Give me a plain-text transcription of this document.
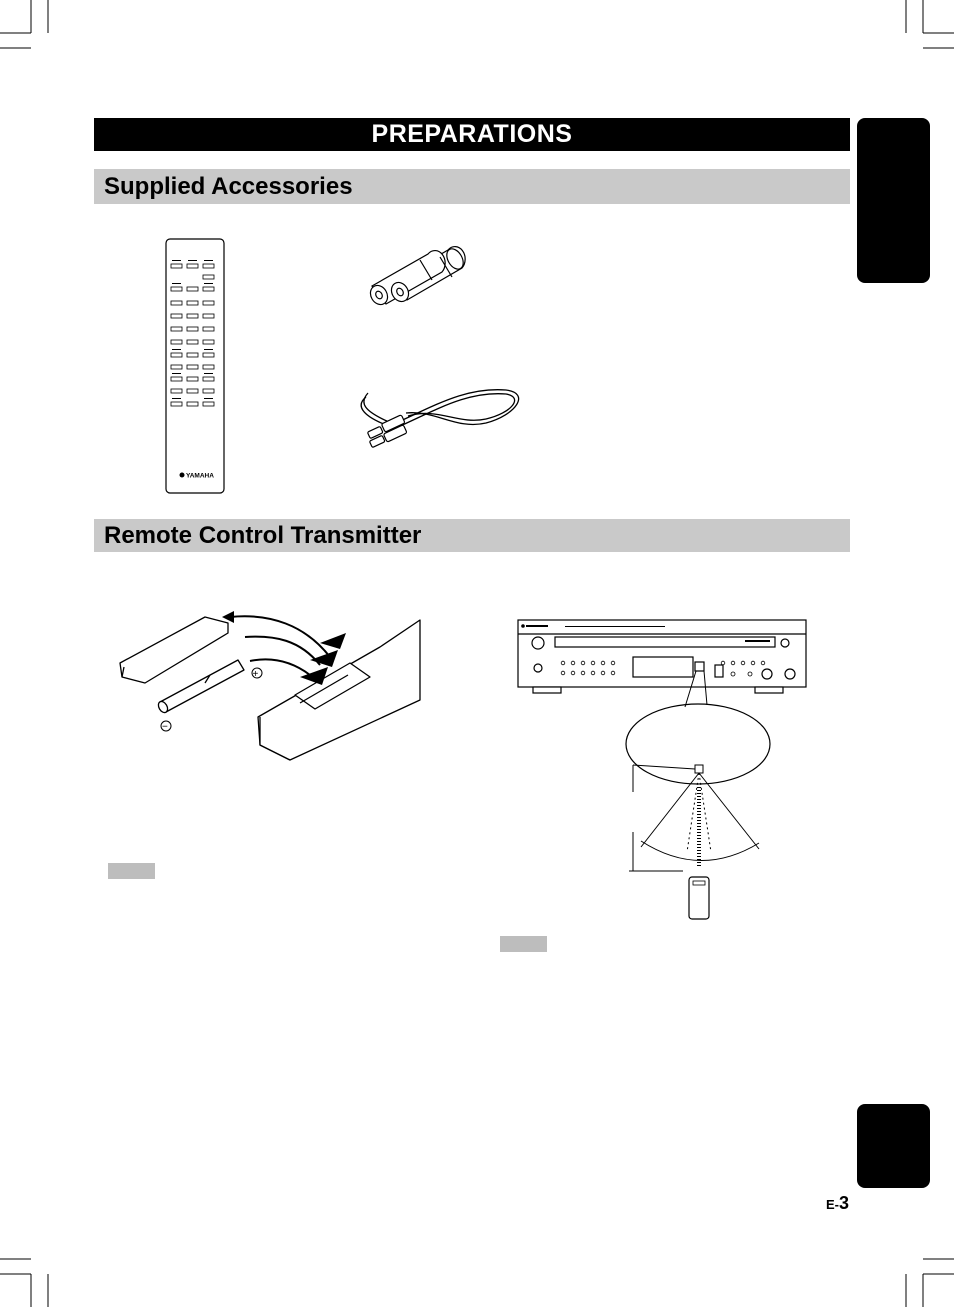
PREPARATIONS
Supplied Accessories
YAMAHA
Remote Control Transmitter
+
−
E-3
